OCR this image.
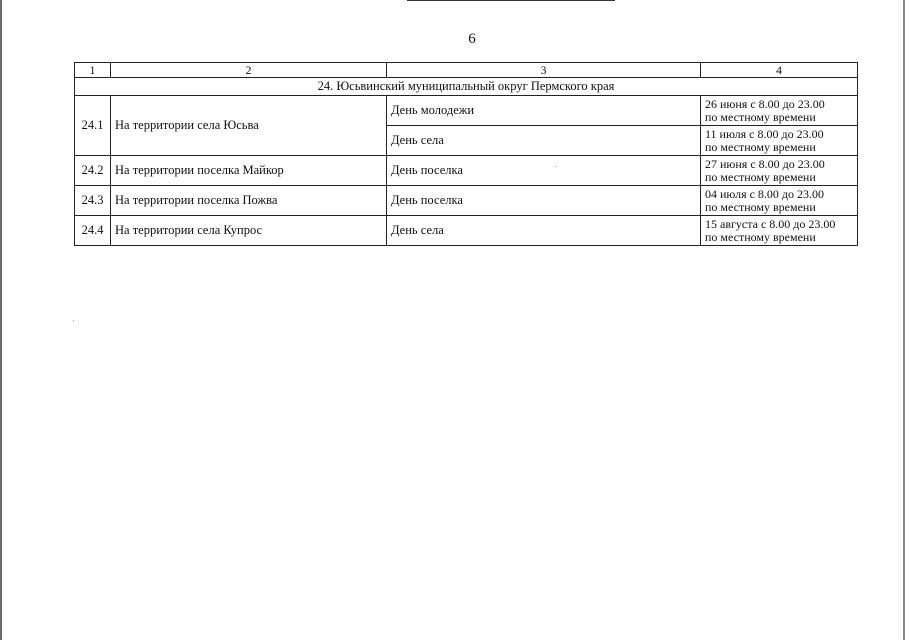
6
1	2	3	4
24. Юсьвинский муниципальный округ Пермского края			
24.1	На территории села Юсьва	День молодежи	26 июня с 8.00 до 23.00
по местному времени

		День села	11 июля с 8.00 до 23.00
по местному времени

24.2	На территории поселка Майкор	День поселка	27 июня с 8.00 до 23.00
по местному времени

24.3	На территории поселка Пожва	День поселка	04 июля с 8.00 до 23.00
по местному времени

24.4	На территории села Купрос	День села	15 августа с 8.00 до 23.00
по местному времени
